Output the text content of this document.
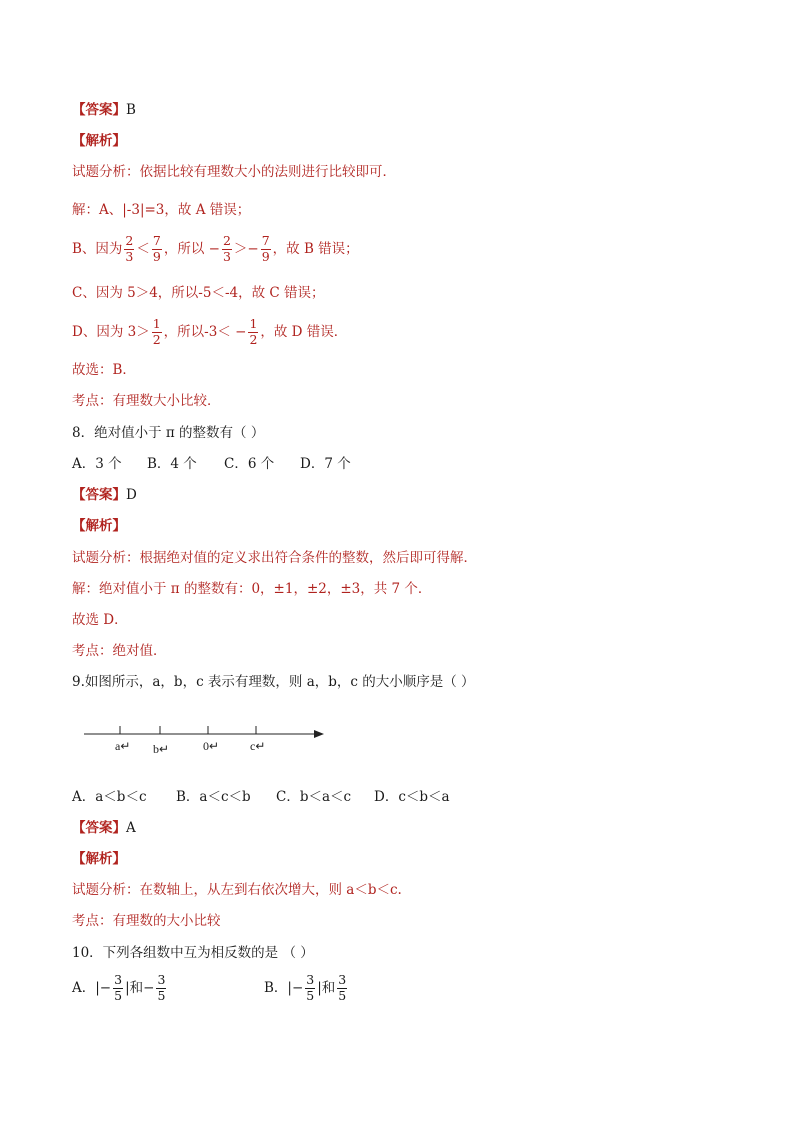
【答案】 B
【解析】
试题分析：依据比较有理数大小的法则进行比较即可．
解：A、|-3|=3，故 A 错误；
B、因为 $\frac{2}{3} < \frac{7}{9}$ ，所以 − $\frac{2}{3} >- \frac{7}{9}$ ，故 B 错误；
C、因为 5＞4，所以-5＜-4，故 C 错误；
D、因为 $3> \frac{1}{2}$ ，所以$-3< - \frac{1}{2}$ ，故 D 错误．
故选：B．
考点：有理数大小比较．
8．绝对值小于 π 的整数有（ ）
A．3 个	B．4 个	C．6 个	D．7 个
【答案】 D
【解析】
试题分析：根据绝对值的定义求出符合条件的整数，然后即可得解．
解：绝对值小于 π 的整数有：0，±1，±2，±3，共 7 个．
故选 D．
考点：绝对值．
9.如图所示，a，b，c 表示有理数，则 a，b，c 的大小顺序是（ ）
a↵ b↵	0↵	c↵
A．a＜b＜c	B．a＜c＜b	C．b＜a＜c	D．c＜b＜a
【答案】 A
【解析】
试题分析：在数轴上，从左到右依次增大，则 a＜b＜c.
考点：有理数的大小比较
10．下列各组数中互为相反数的是 （ ）
A．|− $\frac{3}{5}$ |和− $\frac{3}{5}$	B．|− $\frac{3}{5}$ |和 $\frac{3}{5}$
